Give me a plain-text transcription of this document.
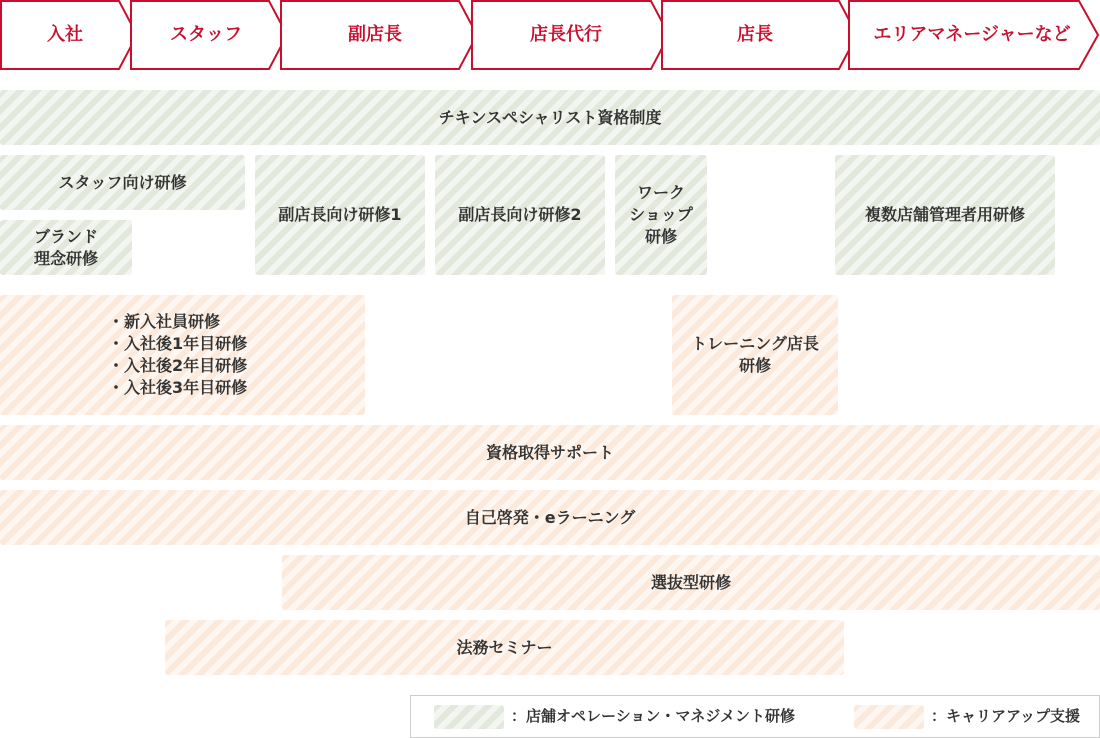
入社	スタッフ	副店長	店長代行	店長	エリアマネージャーなど
チキンスペシャリスト資格制度
スタッフ向け研修
ブランド
理念研修
副店長向け研修1	副店長向け研修2
ワーク
ショップ
研修
複数店舗管理者用研修
・新入社員研修
・入社後1年目研修
・入社後2年目研修
・入社後3年目研修
トレーニング店長
研修
資格取得サポート
自己啓発・eラーニング
選抜型研修
法務セミナー
：店舗オペレーション・マネジメント研修	：キャリアアップ支援
